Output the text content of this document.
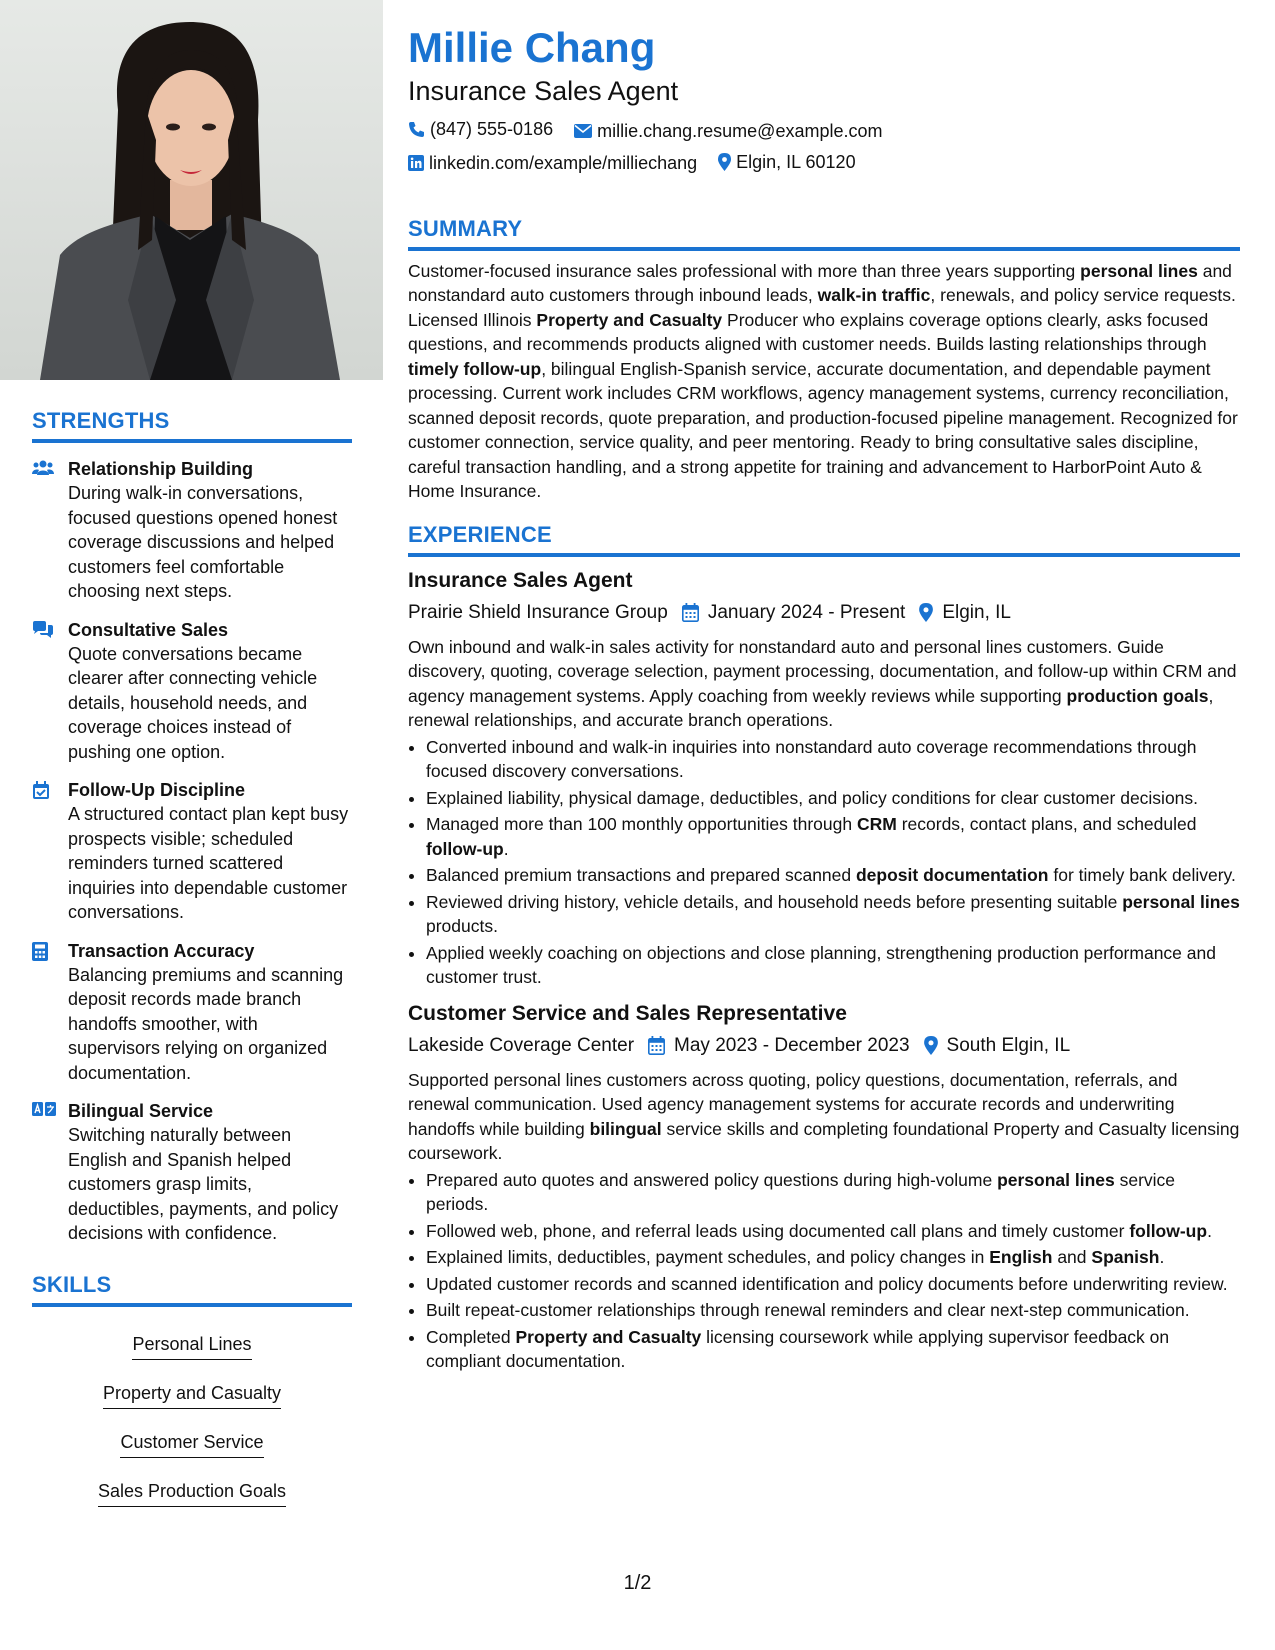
STRENGTHS
Relationship Building
During walk-in conversations, focused questions opened honest coverage discussions and helped customers feel comfortable choosing next steps.
Consultative Sales
Quote conversations became clearer after connecting vehicle details, household needs, and coverage choices instead of pushing one option.
Follow-Up Discipline
A structured contact plan kept busy prospects visible; scheduled reminders turned scattered inquiries into dependable customer conversations.
Transaction Accuracy
Balancing premiums and scanning deposit records made branch handoffs smoother, with supervisors relying on organized documentation.
Bilingual Service
Switching naturally between English and Spanish helped customers grasp limits, deductibles, payments, and policy decisions with confidence.
SKILLS
Personal Lines
Property and Casualty
Customer Service
Sales Production Goals
Millie Chang
Insurance Sales Agent
(847) 555-0186
millie.chang.resume@example.com
linkedin.com/example/milliechang
Elgin, IL 60120
SUMMARY
Customer-focused insurance sales professional with more than three years supporting personal lines and nonstandard auto customers through inbound leads, walk-in traffic, renewals, and policy service requests. Licensed Illinois Property and Casualty Producer who explains coverage options clearly, asks focused questions, and recommends products aligned with customer needs. Builds lasting relationships through timely follow-up, bilingual English-Spanish service, accurate documentation, and dependable payment processing. Current work includes CRM workflows, agency management systems, currency reconciliation, scanned deposit records, quote preparation, and production-focused pipeline management. Recognized for customer connection, service quality, and peer mentoring. Ready to bring consultative sales discipline, careful transaction handling, and a strong appetite for training and advancement to HarborPoint Auto & Home Insurance.
EXPERIENCE
Insurance Sales Agent
Prairie Shield Insurance Group January 2024 - Present Elgin, IL
Own inbound and walk-in sales activity for nonstandard auto and personal lines customers. Guide discovery, quoting, coverage selection, payment processing, documentation, and follow-up within CRM and agency management systems. Apply coaching from weekly reviews while supporting production goals, renewal relationships, and accurate branch operations.
• Converted inbound and walk-in inquiries into nonstandard auto coverage recommendations through focused discovery conversations.
• Explained liability, physical damage, deductibles, and policy conditions for clear customer decisions.
• Managed more than 100 monthly opportunities through CRM records, contact plans, and scheduled follow-up.
• Balanced premium transactions and prepared scanned deposit documentation for timely bank delivery.
• Reviewed driving history, vehicle details, and household needs before presenting suitable personal lines products.
• Applied weekly coaching on objections and close planning, strengthening production performance and customer trust.
Customer Service and Sales Representative
Lakeside Coverage Center May 2023 - December 2023 South Elgin, IL
Supported personal lines customers across quoting, policy questions, documentation, referrals, and renewal communication. Used agency management systems for accurate records and underwriting handoffs while building bilingual service skills and completing foundational Property and Casualty licensing coursework.
• Prepared auto quotes and answered policy questions during high-volume personal lines service periods.
• Followed web, phone, and referral leads using documented call plans and timely customer follow-up.
• Explained limits, deductibles, payment schedules, and policy changes in English and Spanish.
• Updated customer records and scanned identification and policy documents before underwriting review.
• Built repeat-customer relationships through renewal reminders and clear next-step communication.
• Completed Property and Casualty licensing coursework while applying supervisor feedback on compliant documentation.
1/2
